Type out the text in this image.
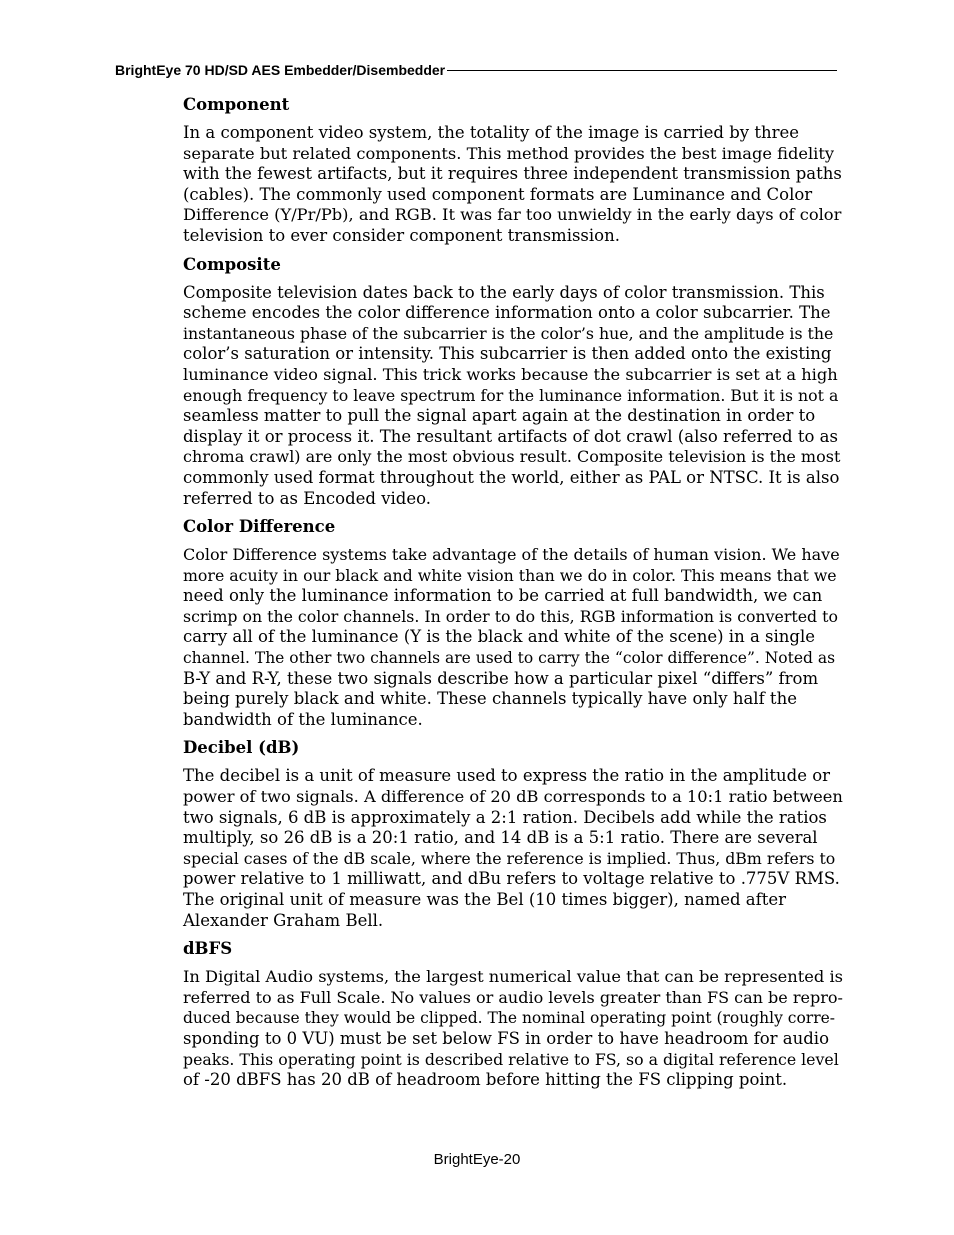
BrightEye 70 HD/SD AES Embedder/Disembedder
Component
In a component video system, the totality of the image is carried by three
separate but related components. This method provides the best image fidelity
with the fewest artifacts, but it requires three independent transmission paths
(cables). The commonly used component formats are Luminance and Color
Difference (Y/Pr/Pb), and RGB. It was far too unwieldy in the early days of color
television to ever consider component transmission.
Composite
Composite television dates back to the early days of color transmission. This
scheme encodes the color difference information onto a color subcarrier. The
instantaneous phase of the subcarrier is the color’s hue, and the amplitude is the
color’s saturation or intensity. This subcarrier is then added onto the existing
luminance video signal. This trick works because the subcarrier is set at a high
enough frequency to leave spectrum for the luminance information. But it is not a
seamless matter to pull the signal apart again at the destination in order to
display it or process it. The resultant artifacts of dot crawl (also referred to as
chroma crawl) are only the most obvious result. Composite television is the most
commonly used format throughout the world, either as PAL or NTSC. It is also
referred to as Encoded video.
Color Difference
Color Difference systems take advantage of the details of human vision. We have
more acuity in our black and white vision than we do in color. This means that we
need only the luminance information to be carried at full bandwidth, we can
scrimp on the color channels. In order to do this, RGB information is converted to
carry all of the luminance (Y is the black and white of the scene) in a single
channel. The other two channels are used to carry the “color difference”. Noted as
B-Y and R-Y, these two signals describe how a particular pixel “differs” from
being purely black and white. These channels typically have only half the
bandwidth of the luminance.
Decibel (dB)
The decibel is a unit of measure used to express the ratio in the amplitude or
power of two signals. A difference of 20 dB corresponds to a 10:1 ratio between
two signals, 6 dB is approximately a 2:1 ration. Decibels add while the ratios
multiply, so 26 dB is a 20:1 ratio, and 14 dB is a 5:1 ratio. There are several
special cases of the dB scale, where the reference is implied. Thus, dBm refers to
power relative to 1 milliwatt, and dBu refers to voltage relative to .775V RMS.
The original unit of measure was the Bel (10 times bigger), named after
Alexander Graham Bell.
dBFS
In Digital Audio systems, the largest numerical value that can be represented is
referred to as Full Scale. No values or audio levels greater than FS can be repro-
duced because they would be clipped. The nominal operating point (roughly corre-
sponding to 0 VU) must be set below FS in order to have headroom for audio
peaks. This operating point is described relative to FS, so a digital reference level
of -20 dBFS has 20 dB of headroom before hitting the FS clipping point.
BrightEye-20
